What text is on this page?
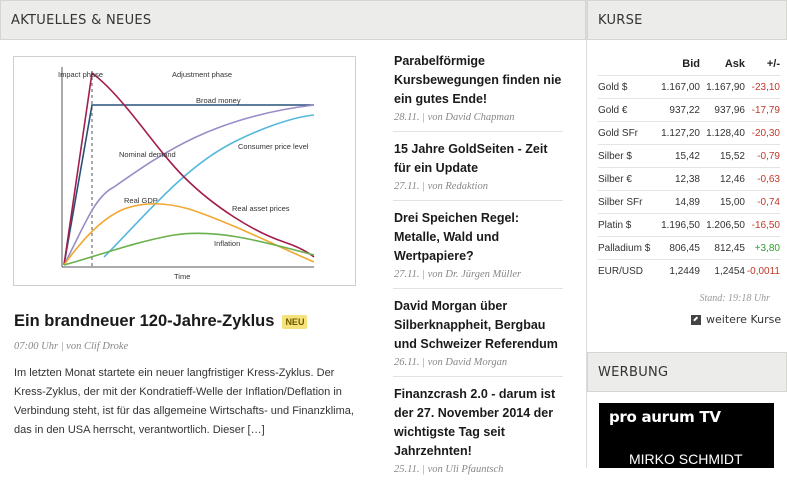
AKTUELLES & NEUES
Impact phase	Adjustment phase
Broad money
Nominal demand
Consumer price level
Real GDP
Real asset prices
Inflation
Time
Ein brandneuer 120-Jahre-Zyklus	NEU
07:00 Uhr | von Clif Droke
Im letzten Monat startete ein neuer langfristiger Kress-Zyklus. Der Kress-Zyklus, der mit der Kondratieff-Welle der Inflation/Deflation in Verbindung steht, ist für das allgemeine Wirtschafts- und Finanzklima, das in den USA herrscht, verantwortlich. Dieser […]
Parabelförmige Kursbewegungen finden nie ein gutes Ende!
28.11. | von David Chapman
15 Jahre GoldSeiten - Zeit für ein Update
27.11. | von Redaktion
Drei Speichen Regel: Metalle, Wald und Wertpapiere?
27.11. | von Dr. Jürgen Müller
David Morgan über Silberknappheit, Bergbau und Schweizer Referendum
26.11. | von David Morgan
Finanzcrash 2.0 - darum ist der 27. November 2014 der wichtigste Tag seit Jahrzehnten!
25.11. | von Uli Pfauntsch
KURSE
Bid	Ask	+/-
Gold $	1.167,00 1.167,90 -23,10
Gold €	937,22	937,96 -17,79
Gold SFr	1.127,20 1.128,40 -20,30
Silber $	15,42	15,52	-0,79
Silber €	12,38	12,46	-0,63
Silber SFr	14,89	15,00	-0,74
Platin $	1.196,50 1.206,50 -16,50
Palladium $	806,45	812,45 +3,80
EUR/USD	1,2449	1,2454 -0,0011
Stand: 19:18 Uhr
weitere Kurse
WERBUNG
pro aurum TV
MIRKO SCHMIDT
